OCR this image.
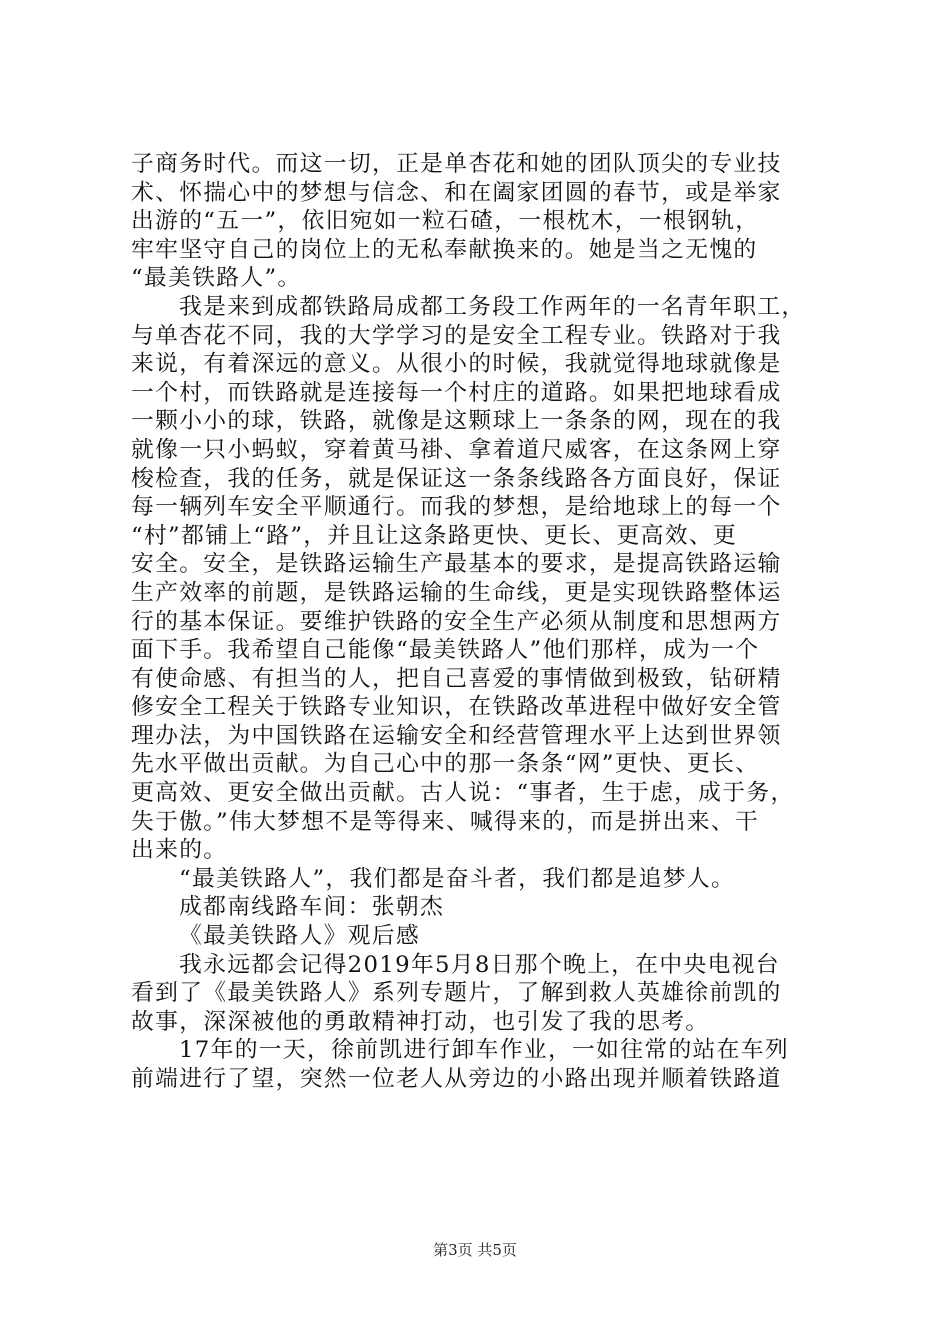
子商务时代。而这一切，正是单杏花和她的团队顶尖的专业技
术、怀揣心中的梦想与信念、和在阖家团圆的春节，或是举家
出游的“五一”，依旧宛如一粒石碴，一根枕木，一根钢轨，
牢牢坚守自己的岗位上的无私奉献换来的。她是当之无愧的
“最美铁路人”。
我是来到成都铁路局成都工务段工作两年的一名青年职工，
与单杏花不同，我的大学学习的是安全工程专业。铁路对于我
来说，有着深远的意义。从很小的时候，我就觉得地球就像是
一个村，而铁路就是连接每一个村庄的道路。如果把地球看成
一颗小小的球，铁路，就像是这颗球上一条条的网，现在的我
就像一只小蚂蚁，穿着黄马褂、拿着道尺威客，在这条网上穿
梭检查，我的任务，就是保证这一条条线路各方面良好，保证
每一辆列车安全平顺通行。而我的梦想，是给地球上的每一个
“村”都铺上“路”，并且让这条路更快、更长、更高效、更
安全。安全，是铁路运输生产最基本的要求，是提高铁路运输
生产效率的前题，是铁路运输的生命线，更是实现铁路整体运
行的基本保证。要维护铁路的安全生产必须从制度和思想两方
面下手。我希望自己能像“最美铁路人”他们那样，成为一个
有使命感、有担当的人，把自己喜爱的事情做到极致，钻研精
修安全工程关于铁路专业知识，在铁路改革进程中做好安全管
理办法，为中国铁路在运输安全和经营管理水平上达到世界领
先水平做出贡献。为自己心中的那一条条“网”更快、更长、
更高效、更安全做出贡献。古人说：“事者，生于虑，成于务，
失于傲。”伟大梦想不是等得来、喊得来的，而是拼出来、干
出来的。
“最美铁路人”，我们都是奋斗者，我们都是追梦人。
成都南线路车间：张朝杰
《最美铁路人》观后感
我永远都会记得2019年5月8日那个晚上，在中央电视台
看到了《最美铁路人》系列专题片，了解到救人英雄徐前凯的
故事，深深被他的勇敢精神打动，也引发了我的思考。
17年的一天，徐前凯进行卸车作业，一如往常的站在车列
前端进行了望，突然一位老人从旁边的小路出现并顺着铁路道
第3页 共5页
